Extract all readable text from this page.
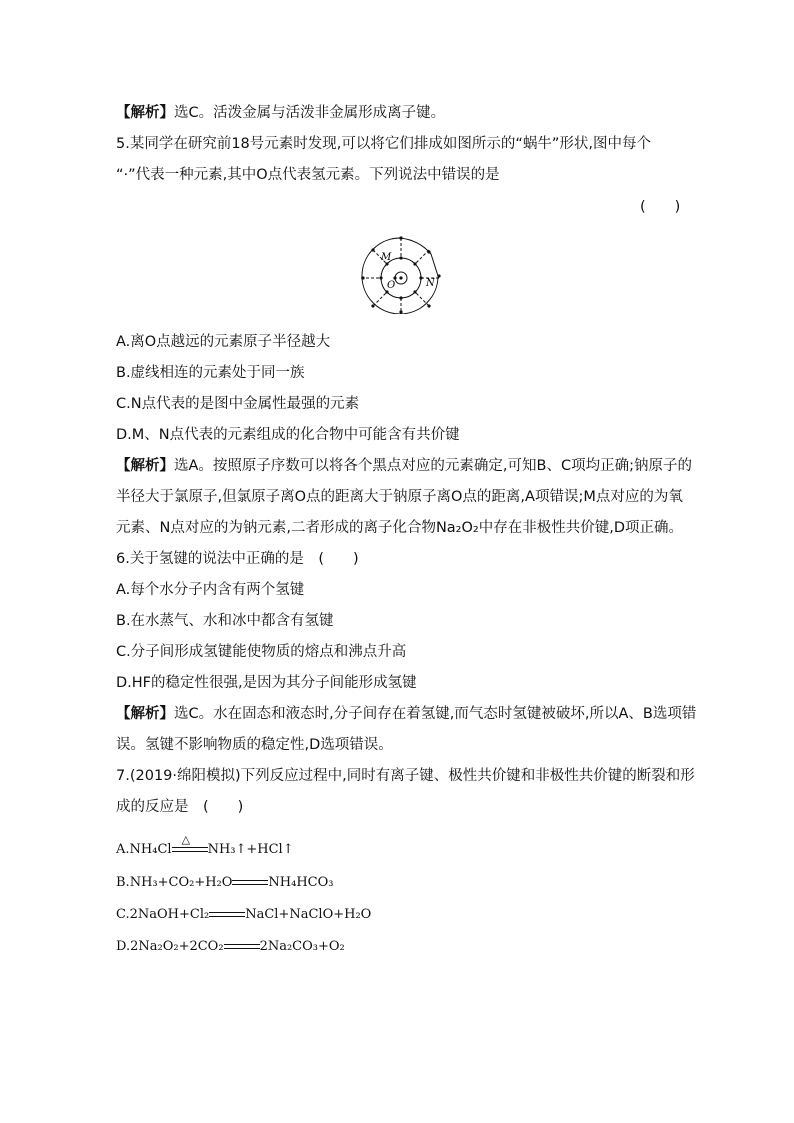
【解析】选C。活泼金属与活泼非金属形成离子键。
5.某同学在研究前18号元素时发现,可以将它们排成如图所示的“蜗牛”形状,图中每个
“·”代表一种元素,其中O点代表氢元素。下列说法中错误的是
(　　)
M
O	N
A.离O点越远的元素原子半径越大
B.虚线相连的元素处于同一族
C.N点代表的是图中金属性最强的元素
D.M、N点代表的元素组成的化合物中可能含有共价键
【解析】选A。按照原子序数可以将各个黑点对应的元素确定,可知B、C项均正确;钠原子的
半径大于氯原子,但氯原子离O点的距离大于钠原子离O点的距离,A项错误;M点对应的为氧
元素、N点对应的为钠元素,二者形成的离子化合物Na₂O₂中存在非极性共价键,D项正确。
6.关于氢键的说法中正确的是　(　　)
A.每个水分子内含有两个氢键
B.在水蒸气、水和冰中都含有氢键
C.分子间形成氢键能使物质的熔点和沸点升高
D.HF的稳定性很强,是因为其分子间能形成氢键
【解析】选C。水在固态和液态时,分子间存在着氢键,而气态时氢键被破坏,所以A、B选项错
误。氢键不影响物质的稳定性,D选项错误。
7.(2019·绵阳模拟)下列反应过程中,同时有离子键、极性共价键和非极性共价键的断裂和形
成的反应是　(　　)
A.NH₄Cl
△
NH₃↑+HCl↑
B.NH₃+CO₂+H₂O	NH₄HCO₃
C.2NaOH+Cl₂	NaCl+NaClO+H₂O
D.2Na₂O₂+2CO₂	2Na₂CO₃+O₂
